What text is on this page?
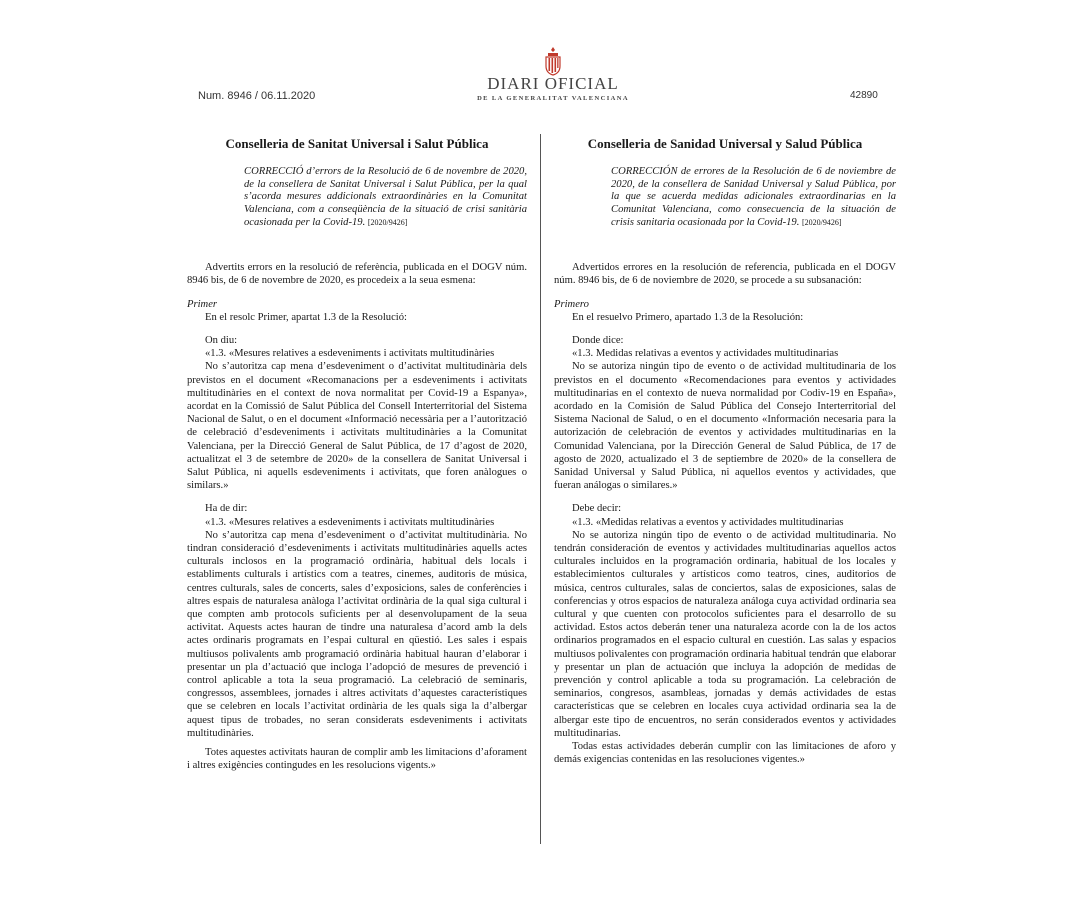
Num. 8946 / 06.11.2020
DIARI OFICIAL
DE LA GENERALITAT VALENCIANA	42890
Conselleria de Sanitat Universal i Salut Pública
CORRECCIÓ d’errors de la Resolució de 6 de novembre de 2020, de la consellera de Sanitat Universal i Salut Pública, per la qual s’acorda mesures addicionals extraordinàries en la Comunitat Valenciana, com a conseqüència de la situació de crisi sanitària ocasionada per la Covid-19. [2020/9426]

Advertits errors en la resolució de referència, publicada en el DOGV núm. 8946 bis, de 6 de novembre de 2020, es procedeix a la seua esmena:

Primer

En el resolc Primer, apartat 1.3 de la Resolució:

On diu:

«1.3. «Mesures relatives a esdeveniments i activitats multitudinàries

No s’autoritza cap mena d’esdeveniment o d’activitat multitudinària dels previstos en el document «Recomanacions per a esdeveniments i activitats multitudinàries en el context de nova normalitat per Covid-19 a Espanya», acordat en la Comissió de Salut Pública del Consell Interterritorial del Sistema Nacional de Salut, o en el document «Informació necessària per a l’autorització de celebració d’esdeveniments i activitats multitudinàries a la Comunitat Valenciana, per la Direcció General de Salut Pública, de 17 d’agost de 2020, actualitzat el 3 de setembre de 2020» de la consellera de Sanitat Universal i Salut Pública, ni aquells esdeveniments i activitats, que foren anàlogues o similars.»

Ha de dir:

«1.3. «Mesures relatives a esdeveniments i activitats multitudinàries

No s’autoritza cap mena d’esdeveniment o d’activitat multitudinària. No tindran consideració d’esdeveniments i activitats multitudinàries aquells actes culturals inclosos en la programació ordinària, habitual dels locals i establiments culturals i artístics com a teatres, cinemes, auditoris de música, centres culturals, sales de concerts, sales d’exposicions, sales de conferències i altres espais de naturalesa anàloga l’activitat ordinària de la qual siga cultural i que compten amb protocols suficients per al desenvolupament de la seua activitat. Aquests actes hauran de tindre una naturalesa d’acord amb la dels actes ordinaris programats en l’espai cultural en qüestió. Les sales i espais multiusos polivalents amb programació ordinària habitual hauran d’elaborar i presentar un pla d’actuació que incloga l’adopció de mesures de prevenció i control aplicable a tota la seua programació. La celebració de seminaris, congressos, assemblees, jornades i altres activitats d’aquestes característiques que se celebren en locals l’activitat ordinària de les quals siga la d’albergar aquest tipus de trobades, no seran considerats esdeveniments i activitats multitudinàries.

Totes aquestes activitats hauran de complir amb les limitacions d’aforament i altres exigències contingudes en les resolucions vigents.»

Conselleria de Sanidad Universal y Salud Pública
CORRECCIÓN de errores de la Resolución de 6 de noviembre de 2020, de la consellera de Sanidad Universal y Salud Pública, por la que se acuerda medidas adicionales extraordinarias en la Comunitat Valenciana, como consecuencia de la situación de crisis sanitaria ocasionada por la Covid-19. [2020/9426]

Advertidos errores en la resolución de referencia, publicada en el DOGV núm. 8946 bis, de 6 de noviembre de 2020, se procede a su subsanación:

Primero

En el resuelvo Primero, apartado 1.3 de la Resolución:

Donde dice:

«1.3. Medidas relativas a eventos y actividades multitudinarias

No se autoriza ningún tipo de evento o de actividad multitudinaria de los previstos en el documento «Recomendaciones para eventos y actividades multitudinarias en el contexto de nueva normalidad por Codiv-19 en España», acordado en la Comisión de Salud Pública del Consejo Interterritorial del Sistema Nacional de Salud, o en el documento «Información necesaria para la autorización de celebración de eventos y actividades multitudinarias en la Comunidad Valenciana, por la Dirección General de Salud Pública, de 17 de agosto de 2020, actualizado el 3 de septiembre de 2020» de la consellera de Sanidad Universal y Salud Pública, ni aquellos eventos y actividades, que fueran análogas o similares.»

Debe decir:

«1.3. «Medidas relativas a eventos y actividades multitudinarias

No se autoriza ningún tipo de evento o de actividad multitudinaria. No tendrán consideración de eventos y actividades multitudinarias aquellos actos culturales incluidos en la programación ordinaria, habitual de los locales y establecimientos culturales y artísticos como teatros, cines, auditorios de música, centros culturales, salas de conciertos, salas de exposiciones, salas de conferencias y otros espacios de naturaleza análoga cuya actividad ordinaria sea cultural y que cuenten con protocolos suficientes para el desarrollo de su actividad. Estos actos deberán tener una naturaleza acorde con la de los actos ordinarios programados en el espacio cultural en cuestión. Las salas y espacios multiusos polivalentes con programación ordinaria habitual tendrán que elaborar y presentar un plan de actuación que incluya la adopción de medidas de prevención y control aplicable a toda su programación. La celebración de seminarios, congresos, asambleas, jornadas y demás actividades de estas características que se celebren en locales cuya actividad ordinaria sea la de albergar este tipo de encuentros, no serán considerados eventos y actividades multitudinarias.

Todas estas actividades deberán cumplir con las limitaciones de aforo y demás exigencias contenidas en las resoluciones vigentes.»
